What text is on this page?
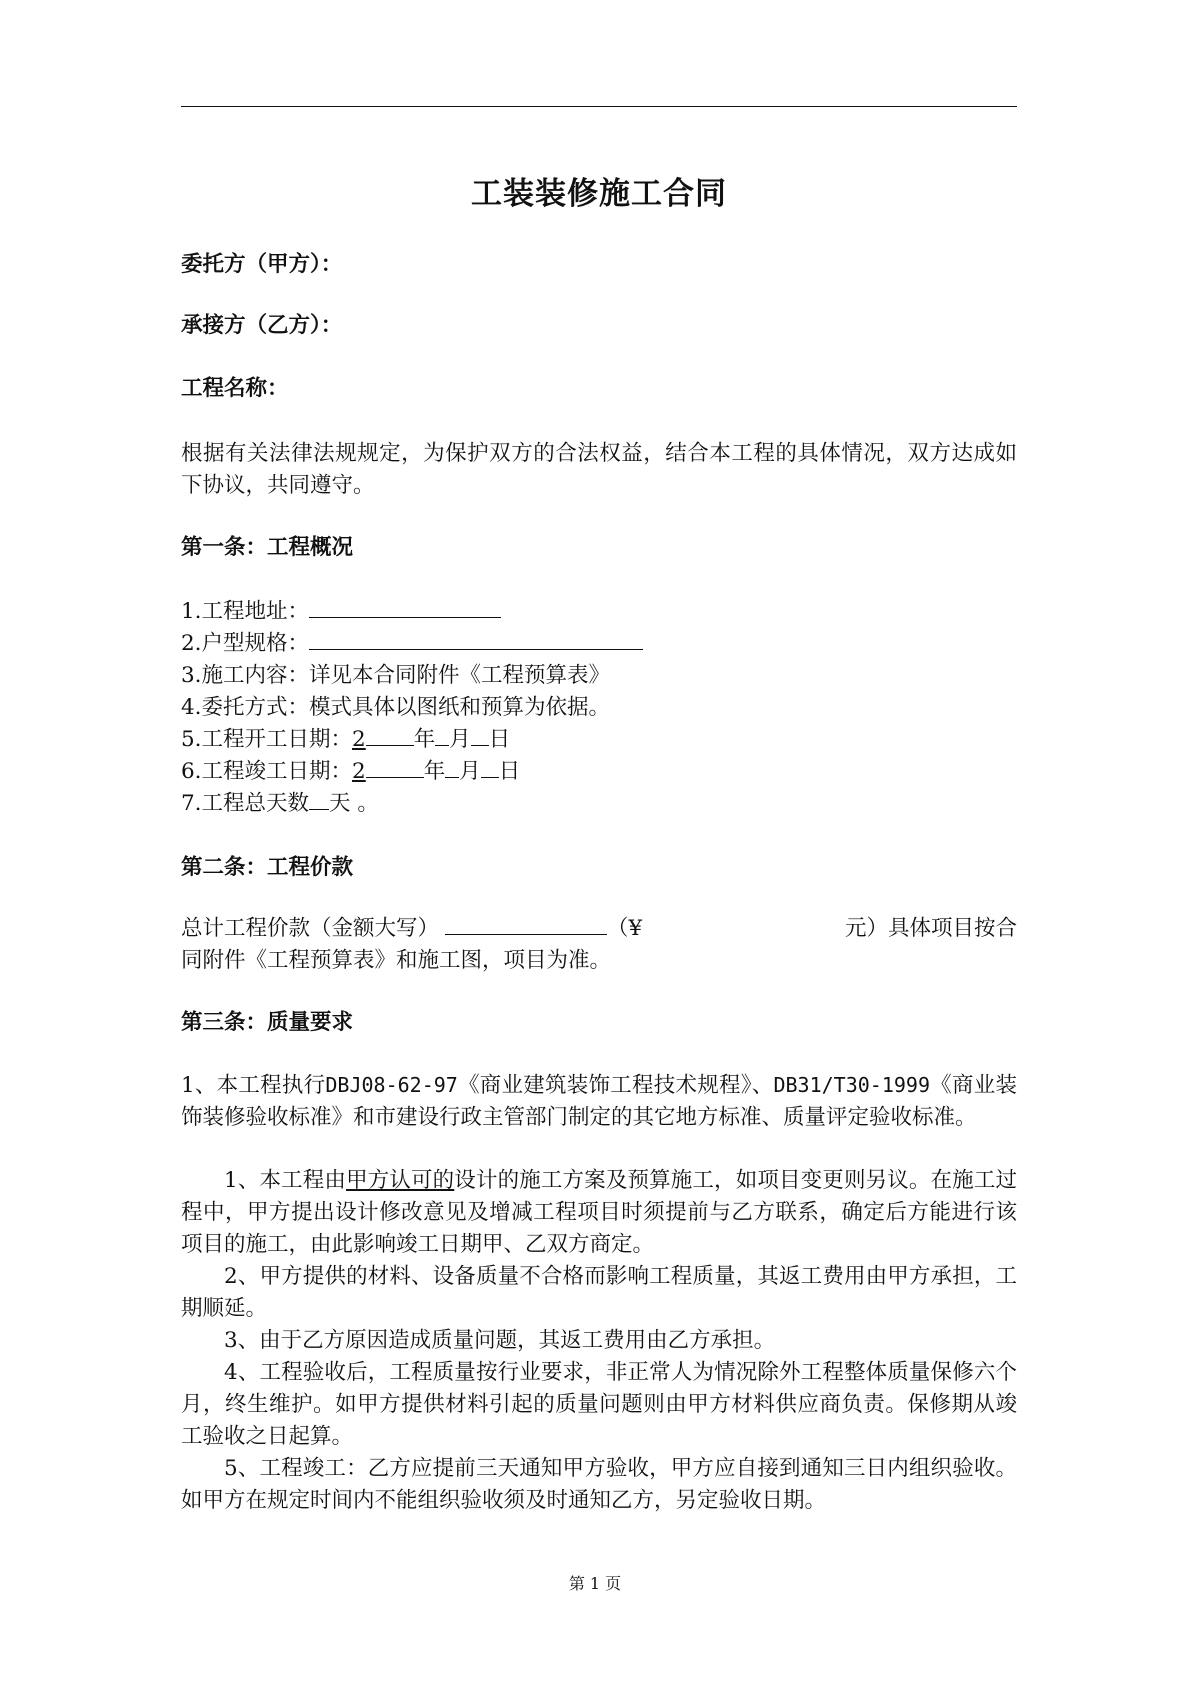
工装装修施工合同
委托方（甲方）：
承接方（乙方）：
工程名称：
根据有关法律法规规定，为保护双方的合法权益，结合本工程的具体情况，双方达成如下协议，共同遵守。
第一条：工程概况
1.工程地址：
2.户型规格：
3.施工内容：详见本合同附件《工程预算表》
4.委托方式：模式具体以图纸和预算为依据。
5.工程开工日期：2 年 月 日
6.工程竣工日期：2	年 月 日
7.工程总天数 天 。
第二条：工程价款
总计工程价款（金额大写）	（¥	元）具体项目按合
同附件《工程预算表》和施工图，项目为准。
第三条：质量要求
1、本工程执行DBJ08-62-97《商业建筑装饰工程技术规程》、DB31/T30-1999《商业装饰装修验收标准》和市建设行政主管部门制定的其它地方标准、质量评定验收标准。
1、本工程由甲方认可的设计的施工方案及预算施工，如项目变更则另议。在施工过程中，甲方提出设计修改意见及增减工程项目时须提前与乙方联系，确定后方能进行该项目的施工，由此影响竣工日期甲、乙双方商定。
2、甲方提供的材料、设备质量不合格而影响工程质量，其返工费用由甲方承担，工期顺延。
3、由于乙方原因造成质量问题，其返工费用由乙方承担。
4、工程验收后，工程质量按行业要求，非正常人为情况除外工程整体质量保修六个月，终生维护。如甲方提供材料引起的质量问题则由甲方材料供应商负责。保修期从竣工验收之日起算。
5、工程竣工：乙方应提前三天通知甲方验收，甲方应自接到通知三日内组织验收。如甲方在规定时间内不能组织验收须及时通知乙方，另定验收日期。
第 1 页
